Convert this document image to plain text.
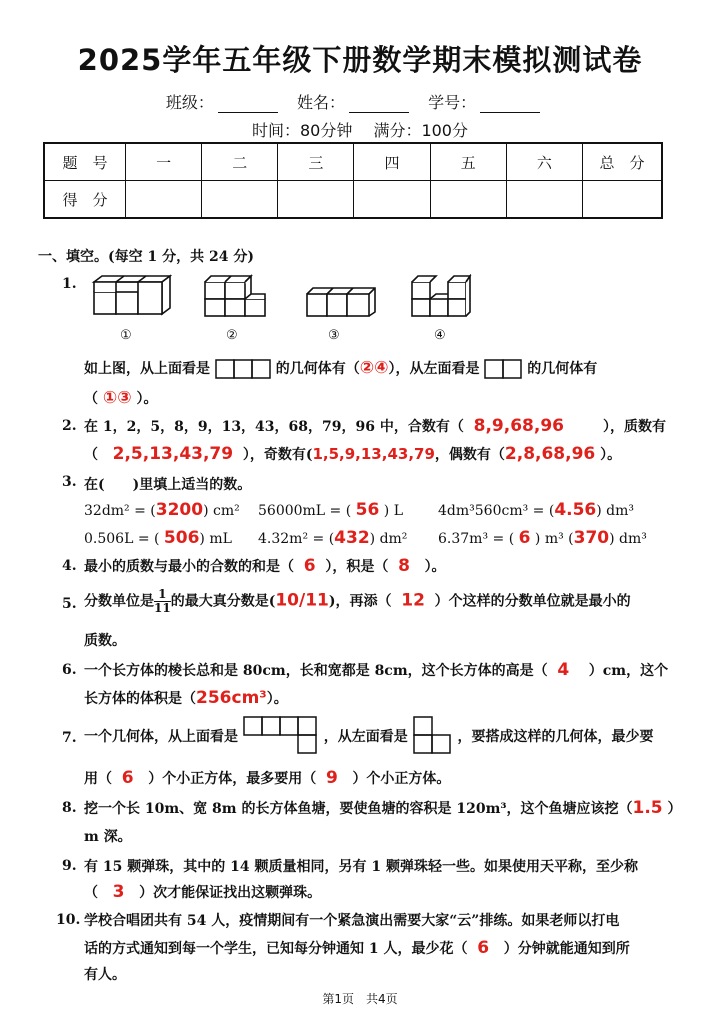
2025学年五年级下册数学期末模拟测试卷
班级：	姓名：	学号：
时间：80分钟　 满分：100分
题　号	一	二	三	四	五	六	总　分
得　分							
一、填空。(每空 1 分，共 24 分)
1.
①	②	③	④
如上图，从上面看是	的几何体有（②④），从左面看是	的几何体有
（ ①③ ）。
2. 在 1，2，5，8，9，13，43，68，79，96 中，合数有（ 8,9,68,96	），质数有
（ 2,5,13,43,79 ），奇数有(1,5,9,13,43,79，偶数有（2,8,68,96 ）。
3. 在(　　)里填上适当的数。
32dm² = (3200) cm² 56000mL = ( 56 ) L	4dm³560cm³ = (4.56) dm³
0.506L = ( 506) mL 4.32m² = (432) dm² 6.37m³ = ( 6 ) m³ (370) dm³
4. 最小的质数与最小的合数的和是（ 6 ），积是（ 8 ）。
5. 分数单位是 $\frac{1}{11}$ 的最大真分数是(10/11)，再添（ 12 ）个这样的分数单位就是最小的
质数。
6. 一个长方体的棱长总和是 80cm，长和宽都是 8cm，这个长方体的高是（ 4 ）cm，这个
长方体的体积是（256cm³）。
7. 一个几何体，从上面看是	，从左面看是	，要搭成这样的几何体，最少要
用（ 6 ）个小正方体，最多要用（ 9 ）个小正方体。
8. 挖一个长 10m、宽 8m 的长方体鱼塘，要使鱼塘的容积是 120m³，这个鱼塘应该挖（1.5 ）
m 深。
9. 有 15 颗弹珠，其中的 14 颗质量相同，另有 1 颗弹珠轻一些。如果使用天平称，至少称
（ 3 ）次才能保证找出这颗弹珠。
10. 学校合唱团共有 54 人，疫情期间有一个紧急演出需要大家“云”排练。如果老师以打电
话的方式通知到每一个学生，已知每分钟通知 1 人，最少花（ 6 ）分钟就能通知到所
有人。
第1页　共4页
